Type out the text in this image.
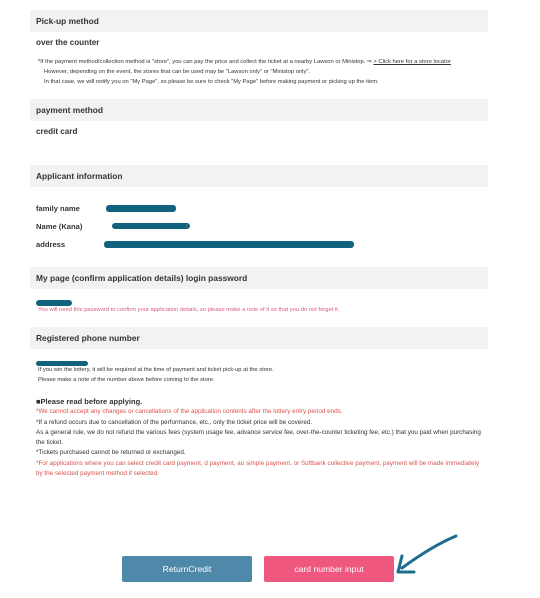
Pick-up method
over the counter
*If the payment method/collection method is "store", you can pay the price and collect the ticket at a nearby Lawson or Ministop. ⇒ > Click here for a store locator
However, depending on the event, the stores that can be used may be "Lawson only" or "Ministop only".
In that case, we will notify you on "My Page", so please be sure to check "My Page" before making payment or picking up the item.
payment method
credit card
Applicant information
family name
Name (Kana)	r
address
My page (confirm application details) login password
You will need this password to confirm your application details, so please make a note of it so that you do not forget it.
Registered phone number
If you win the lottery, it will be required at the time of payment and ticket pick-up at the store.
Please make a note of the number above before coming to the store.
■Please read before applying.
*We cannot accept any changes or cancellations of the application contents after the lottery entry period ends.
*If a refund occurs due to cancellation of the performance, etc., only the ticket price will be covered.
As a general rule, we do not refund the various fees (system usage fee, advance service fee, over-the-counter ticketing fee, etc.) that you paid when purchasing the ticket.
*Tickets purchased cannot be returned or exchanged.
*For applications where you can select credit card payment, d payment, au simple payment, or Softbank collective payment, payment will be made immediately by the selected payment method if selected.
ReturnCredit	card number input
